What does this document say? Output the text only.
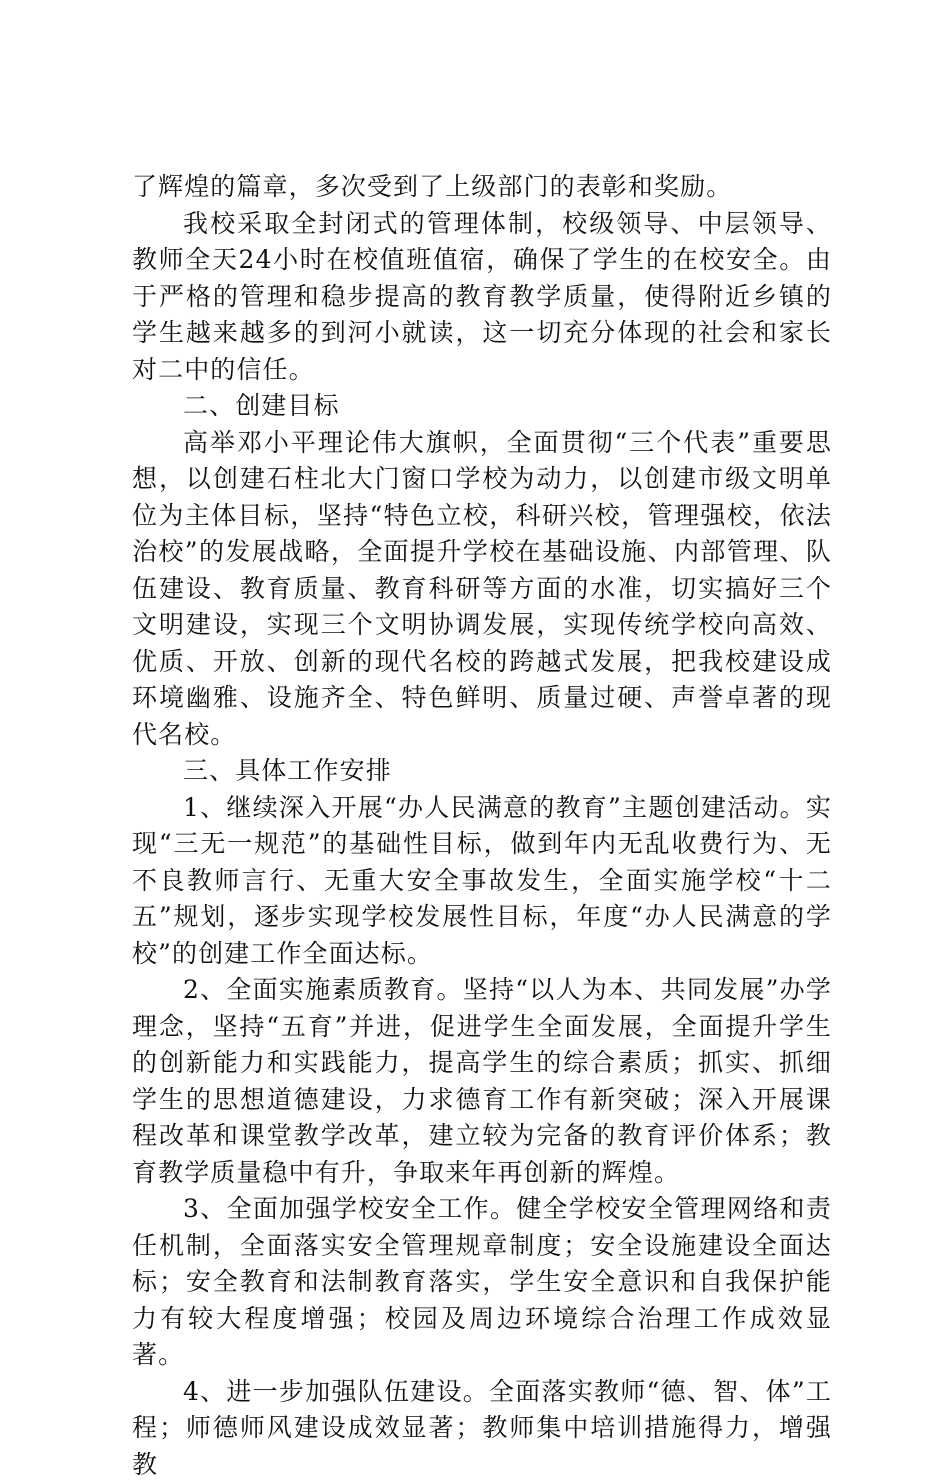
了辉煌的篇章，多次受到了上级部门的表彰和奖励。

我校采取全封闭式的管理体制，校级领导、中层领导、教师全天24小时在校值班值宿，确保了学生的在校安全。由于严格的管理和稳步提高的教育教学质量，使得附近乡镇的学生越来越多的到河小就读，这一切充分体现的社会和家长对二中的信任。

二、创建目标

高举邓小平理论伟大旗帜，全面贯彻“三个代表”重要思想，以创建石柱北大门窗口学校为动力，以创建市级文明单位为主体目标，坚持“特色立校，科研兴校，管理强校，依法治校”的发展战略，全面提升学校在基础设施、内部管理、队伍建设、教育质量、教育科研等方面的水准，切实搞好三个文明建设，实现三个文明协调发展，实现传统学校向高效、优质、开放、创新的现代名校的跨越式发展，把我校建设成环境幽雅、设施齐全、特色鲜明、质量过硬、声誉卓著的现代名校。

三、具体工作安排

1、继续深入开展“办人民满意的教育”主题创建活动。实现“三无一规范”的基础性目标，做到年内无乱收费行为、无不良教师言行、无重大安全事故发生，全面实施学校“十二五”规划，逐步实现学校发展性目标，年度“办人民满意的学校”的创建工作全面达标。

2、全面实施素质教育。坚持“以人为本、共同发展”办学理念，坚持“五育”并进，促进学生全面发展，全面提升学生的创新能力和实践能力，提高学生的综合素质；抓实、抓细学生的思想道德建设，力求德育工作有新突破；深入开展课程改革和课堂教学改革，建立较为完备的教育评价体系；教育教学质量稳中有升，争取来年再创新的辉煌。

3、全面加强学校安全工作。健全学校安全管理网络和责任机制，全面落实安全管理规章制度；安全设施建设全面达标；安全教育和法制教育落实，学生安全意识和自我保护能力有较大程度增强；校园及周边环境综合治理工作成效显著。

4、进一步加强队伍建设。全面落实教师“德、智、体”工程；师德师风建设成效显著；教师集中培训措施得力，增强教
